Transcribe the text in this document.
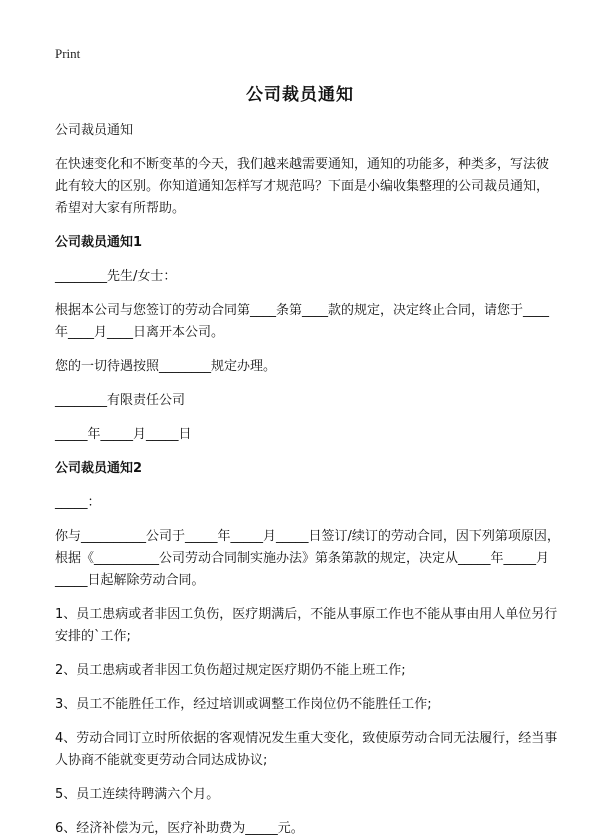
Print
公司裁员通知

公司裁员通知

在快速变化和不断变革的今天，我们越来越需要通知，通知的功能多，种类多，写法彼此有较大的区别。你知道通知怎样写才规范吗？下面是小编收集整理的公司裁员通知，希望对大家有所帮助。

公司裁员通知1

________先生/女士：

根据本公司与您签订的劳动合同第____条第____款的规定，决定终止合同，请您于____年____月____日离开本公司。

您的一切待遇按照________规定办理。

________有限责任公司

_____年_____月_____日

公司裁员通知2

_____：

你与__________公司于_____年_____月_____日签订/续订的劳动合同，因下列第项原因，根据《__________公司劳动合同制实施办法》第条第款的规定，决定从_____年_____月_____日起解除劳动合同。

1、员工患病或者非因工负伤，医疗期满后，不能从事原工作也不能从事由用人单位另行安排的`工作;

2、员工患病或者非因工负伤超过规定医疗期仍不能上班工作;

3、员工不能胜任工作，经过培训或调整工作岗位仍不能胜任工作;

4、劳动合同订立时所依据的客观情况发生重大变化，致使原劳动合同无法履行，经当事人协商不能就变更劳动合同达成协议;

5、员工连续待聘满六个月。

6、经济补偿为元，医疗补助费为_____元。
